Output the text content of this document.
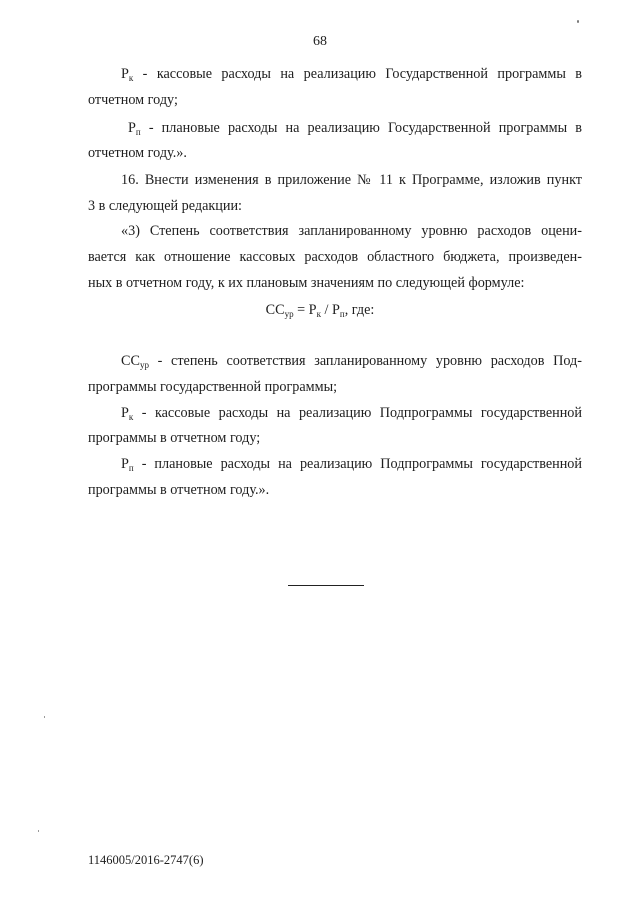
68
$Р_к$ - кассовые расходы на реализацию Государственной программы в
отчетном году;
$Р_п$ - плановые расходы на реализацию Государственной программы в
отчетном году.».
16. Внести изменения в приложение № 11 к Программе, изложив пункт
3 в следующей редакции:
«3) Степень соответствия запланированному уровню расходов оцени-
вается как отношение кассовых расходов областного бюджета, произведен-
ных в отчетном году, к их плановым значениям по следующей формуле:
$СС_{ур} = Р_к / Р_п$, где:
$СС_{ур}$ - степень соответствия запланированному уровню расходов Под-
программы государственной программы;
$Р_к$ - кассовые расходы на реализацию Подпрограммы государственной
программы в отчетном году;
$Р_п$ - плановые расходы на реализацию Подпрограммы государственной
программы в отчетном году.».
1146005/2016-2747(6)
